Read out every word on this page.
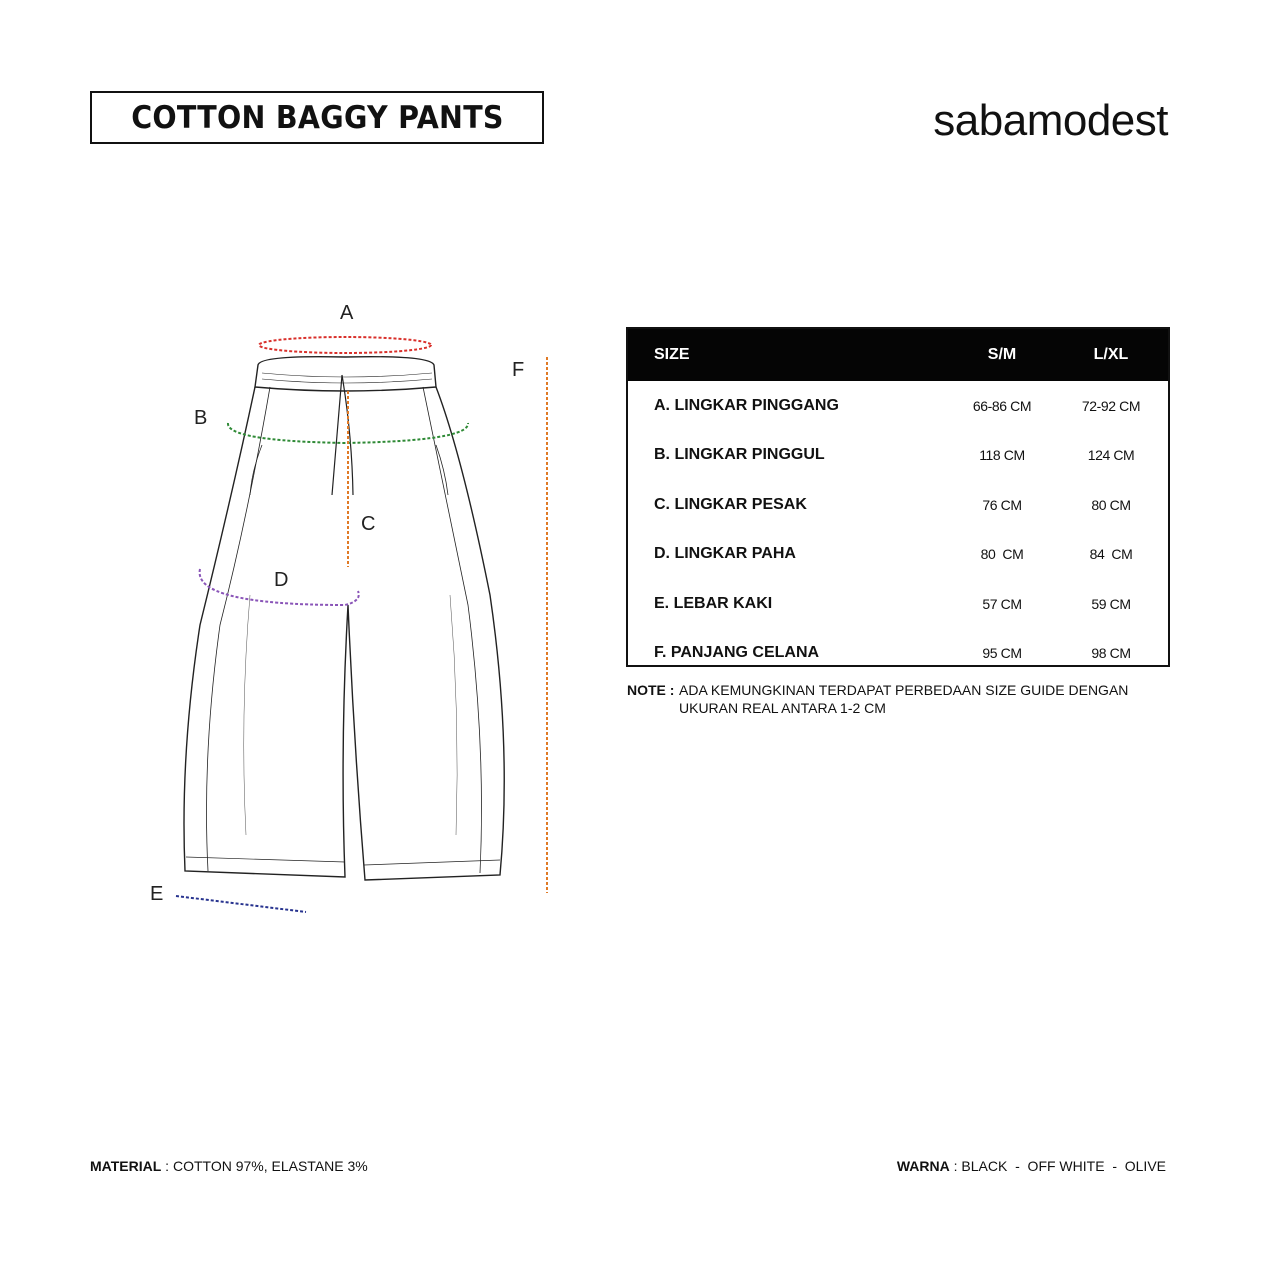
COTTON BAGGY PANTS	sabamodest
A
B
C
D
E
F
SIZE	S/M	L/XL
A. LINGKAR PINGGANG	66-86 CM	72-92 CM
B. LINGKAR PINGGUL	118 CM	124 CM
C. LINGKAR PESAK	76 CM	80 CM
D. LINGKAR PAHA	80  CM	84  CM
E. LEBAR KAKI	57 CM	59 CM
F. PANJANG CELANA	95 CM	98 CM
NOTE : ADA KEMUNGKINAN TERDAPAT PERBEDAAN SIZE GUIDE DENGAN
UKURAN REAL ANTARA 1-2 CM
MATERIAL : COTTON 97%, ELASTANE 3%	WARNA : BLACK  -  OFF WHITE  -  OLIVE
